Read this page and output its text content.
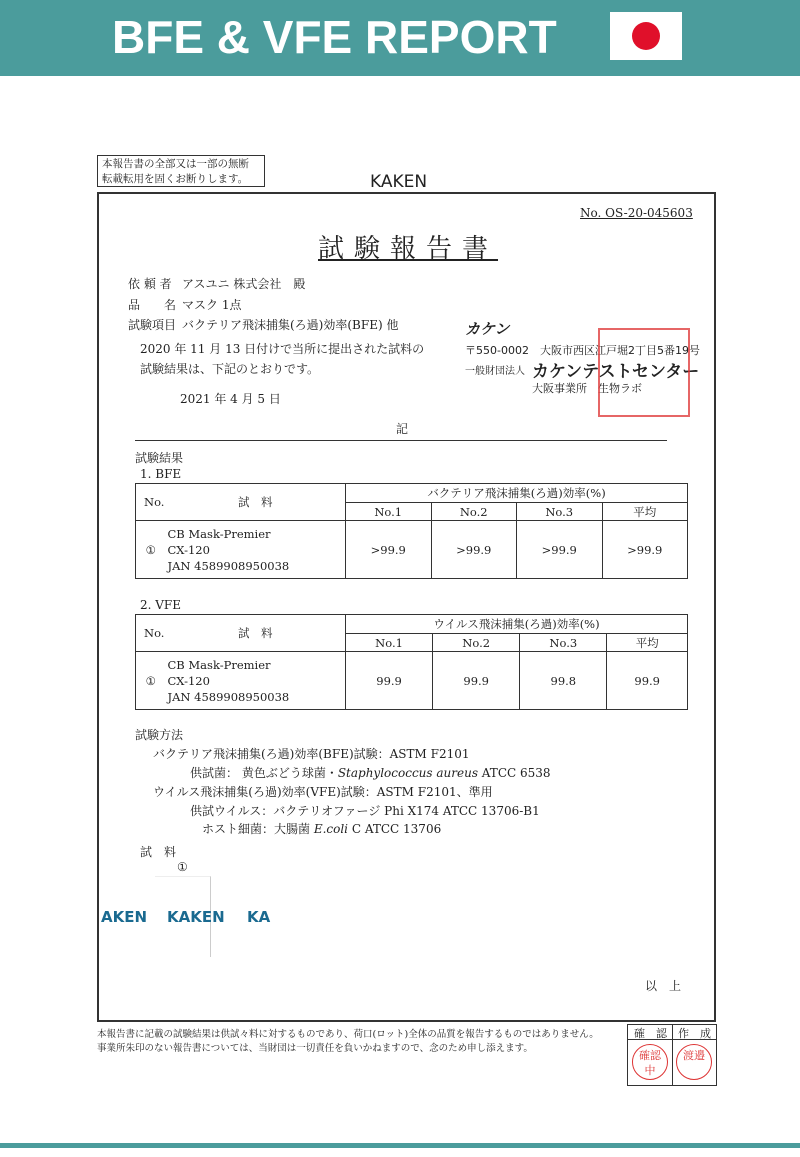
BFE & VFE REPORT
本報告書の全部又は一部の無断
転載転用を固くお断りします。	KAKEN
No. OS-20-045603
試験報告書
依 頼 者 アスユニ 株式会社　殿
品　　名 マスク 1点
試験項目 バクテリア飛沫捕集(ろ過)効率(BFE) 他
2020 年 11 月 13 日付けで当所に提出された試料の
試験結果は、下記のとおりです。
2021 年 4 月 5 日
カケン
〒550-0002　大阪市西区江戸堀2丁目5番19号
一般財団法人 カケンテストセンター
大阪事業所　生物ラボ
記
試験結果
1. BFE
No.	試　料	バクテリア飛沫捕集(ろ過)効率(%)			
		No.1	No.2	No.3	平均
①	CB Mask-Premier
CX-120
JAN 4589908950038	>99.9	>99.9	>99.9	>99.9
2. VFE
No.	試　料	ウイルス飛沫捕集(ろ過)効率(%)			
		No.1	No.2	No.3	平均
①	CB Mask-Premier
CX-120
JAN 4589908950038	99.9	99.9	99.8	99.9
試験方法
バクテリア飛沫捕集(ろ過)効率(BFE)試験：ASTM F2101
供試菌： 黄色ぶどう球菌・Staphylococcus aureus ATCC 6538
ウイルス飛沫捕集(ろ過)効率(VFE)試験：ASTM F2101、準用
供試ウイルス：バクテリオファージ Phi X174 ATCC 13706-B1
ホスト細菌：大腸菌 E.coli C ATCC 13706
試　料
①
AKEN KAKEN KA
以　上
本報告書に記載の試験結果は供試々料に対するものであり、荷口(ロット)全体の品質を報告するものではありません。
事業所朱印のない報告書については、当財団は一切責任を負いかねますので、念のため申し添えます。
確　認 作　成
確認 中
渡邉
